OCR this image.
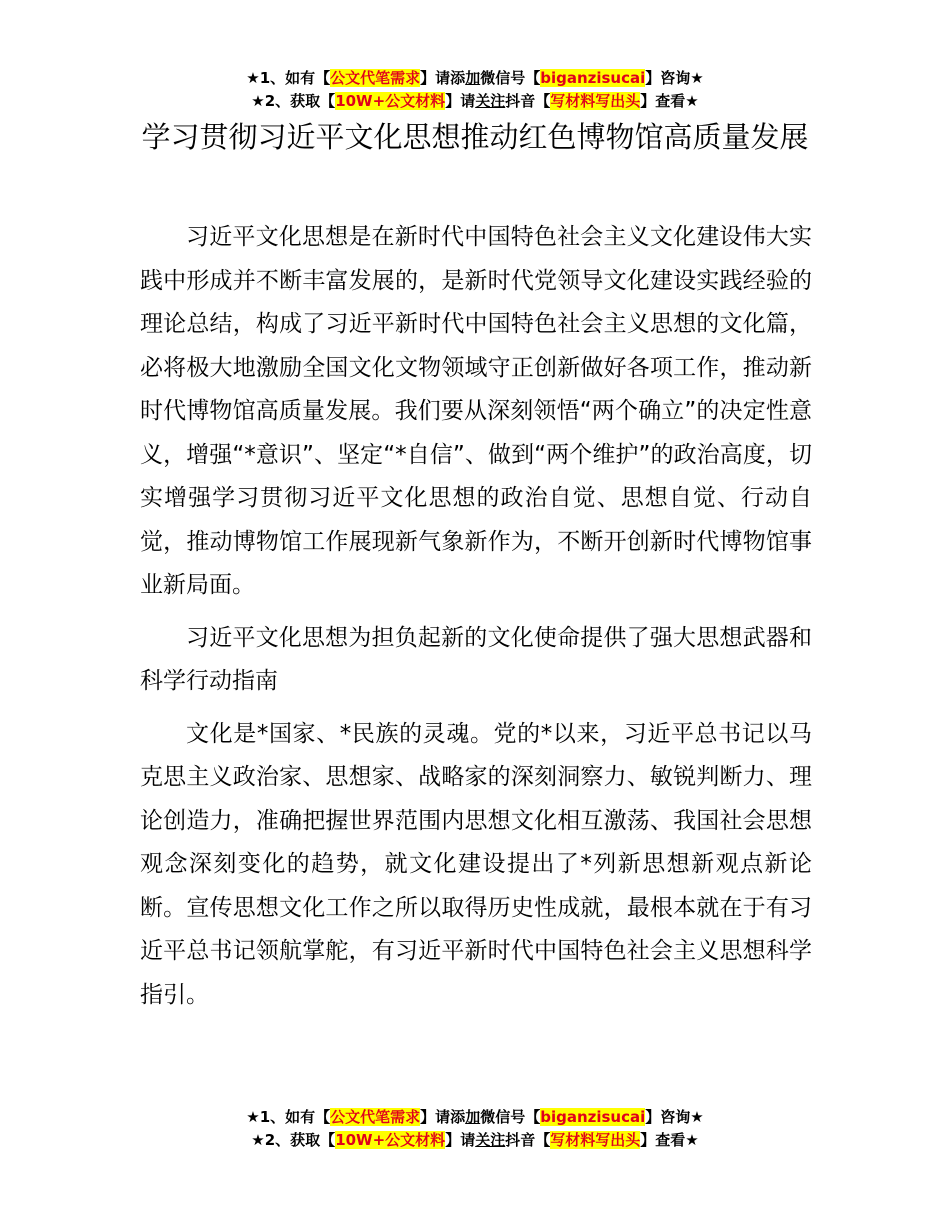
★1、如有【公文代笔需求】请添加微信号【biganzisucai】咨询★
★2、获取【10W+公文材料】请关注抖音【写材料写出头】查看★
学习贯彻习近平文化思想推动红色博物馆高质量发展

习近平文化思想是在新时代中国特色社会主义文化建设伟大实践中形成并不断丰富发展的，是新时代党领导文化建设实践经验的理论总结，构成了习近平新时代中国特色社会主义思想的文化篇，必将极大地激励全国文化文物领域守正创新做好各项工作，推动新时代博物馆高质量发展。我们要从深刻领悟“两个确立”的决定性意义，增强“*意识”、坚定“*自信”、做到“两个维护”的政治高度，切实增强学习贯彻习近平文化思想的政治自觉、思想自觉、行动自觉，推动博物馆工作展现新气象新作为，不断开创新时代博物馆事业新局面。

习近平文化思想为担负起新的文化使命提供了强大思想武器和科学行动指南

文化是*国家、*民族的灵魂。党的*以来，习近平总书记以马克思主义政治家、思想家、战略家的深刻洞察力、敏锐判断力、理论创造力，准确把握世界范围内思想文化相互激荡、我国社会思想观念深刻变化的趋势，就文化建设提出了*列新思想新观点新论断。宣传思想文化工作之所以取得历史性成就，最根本就在于有习近平总书记领航掌舵，有习近平新时代中国特色社会主义思想科学指引。

★1、如有【公文代笔需求】请添加微信号【biganzisucai】咨询★
★2、获取【10W+公文材料】请关注抖音【写材料写出头】查看★
